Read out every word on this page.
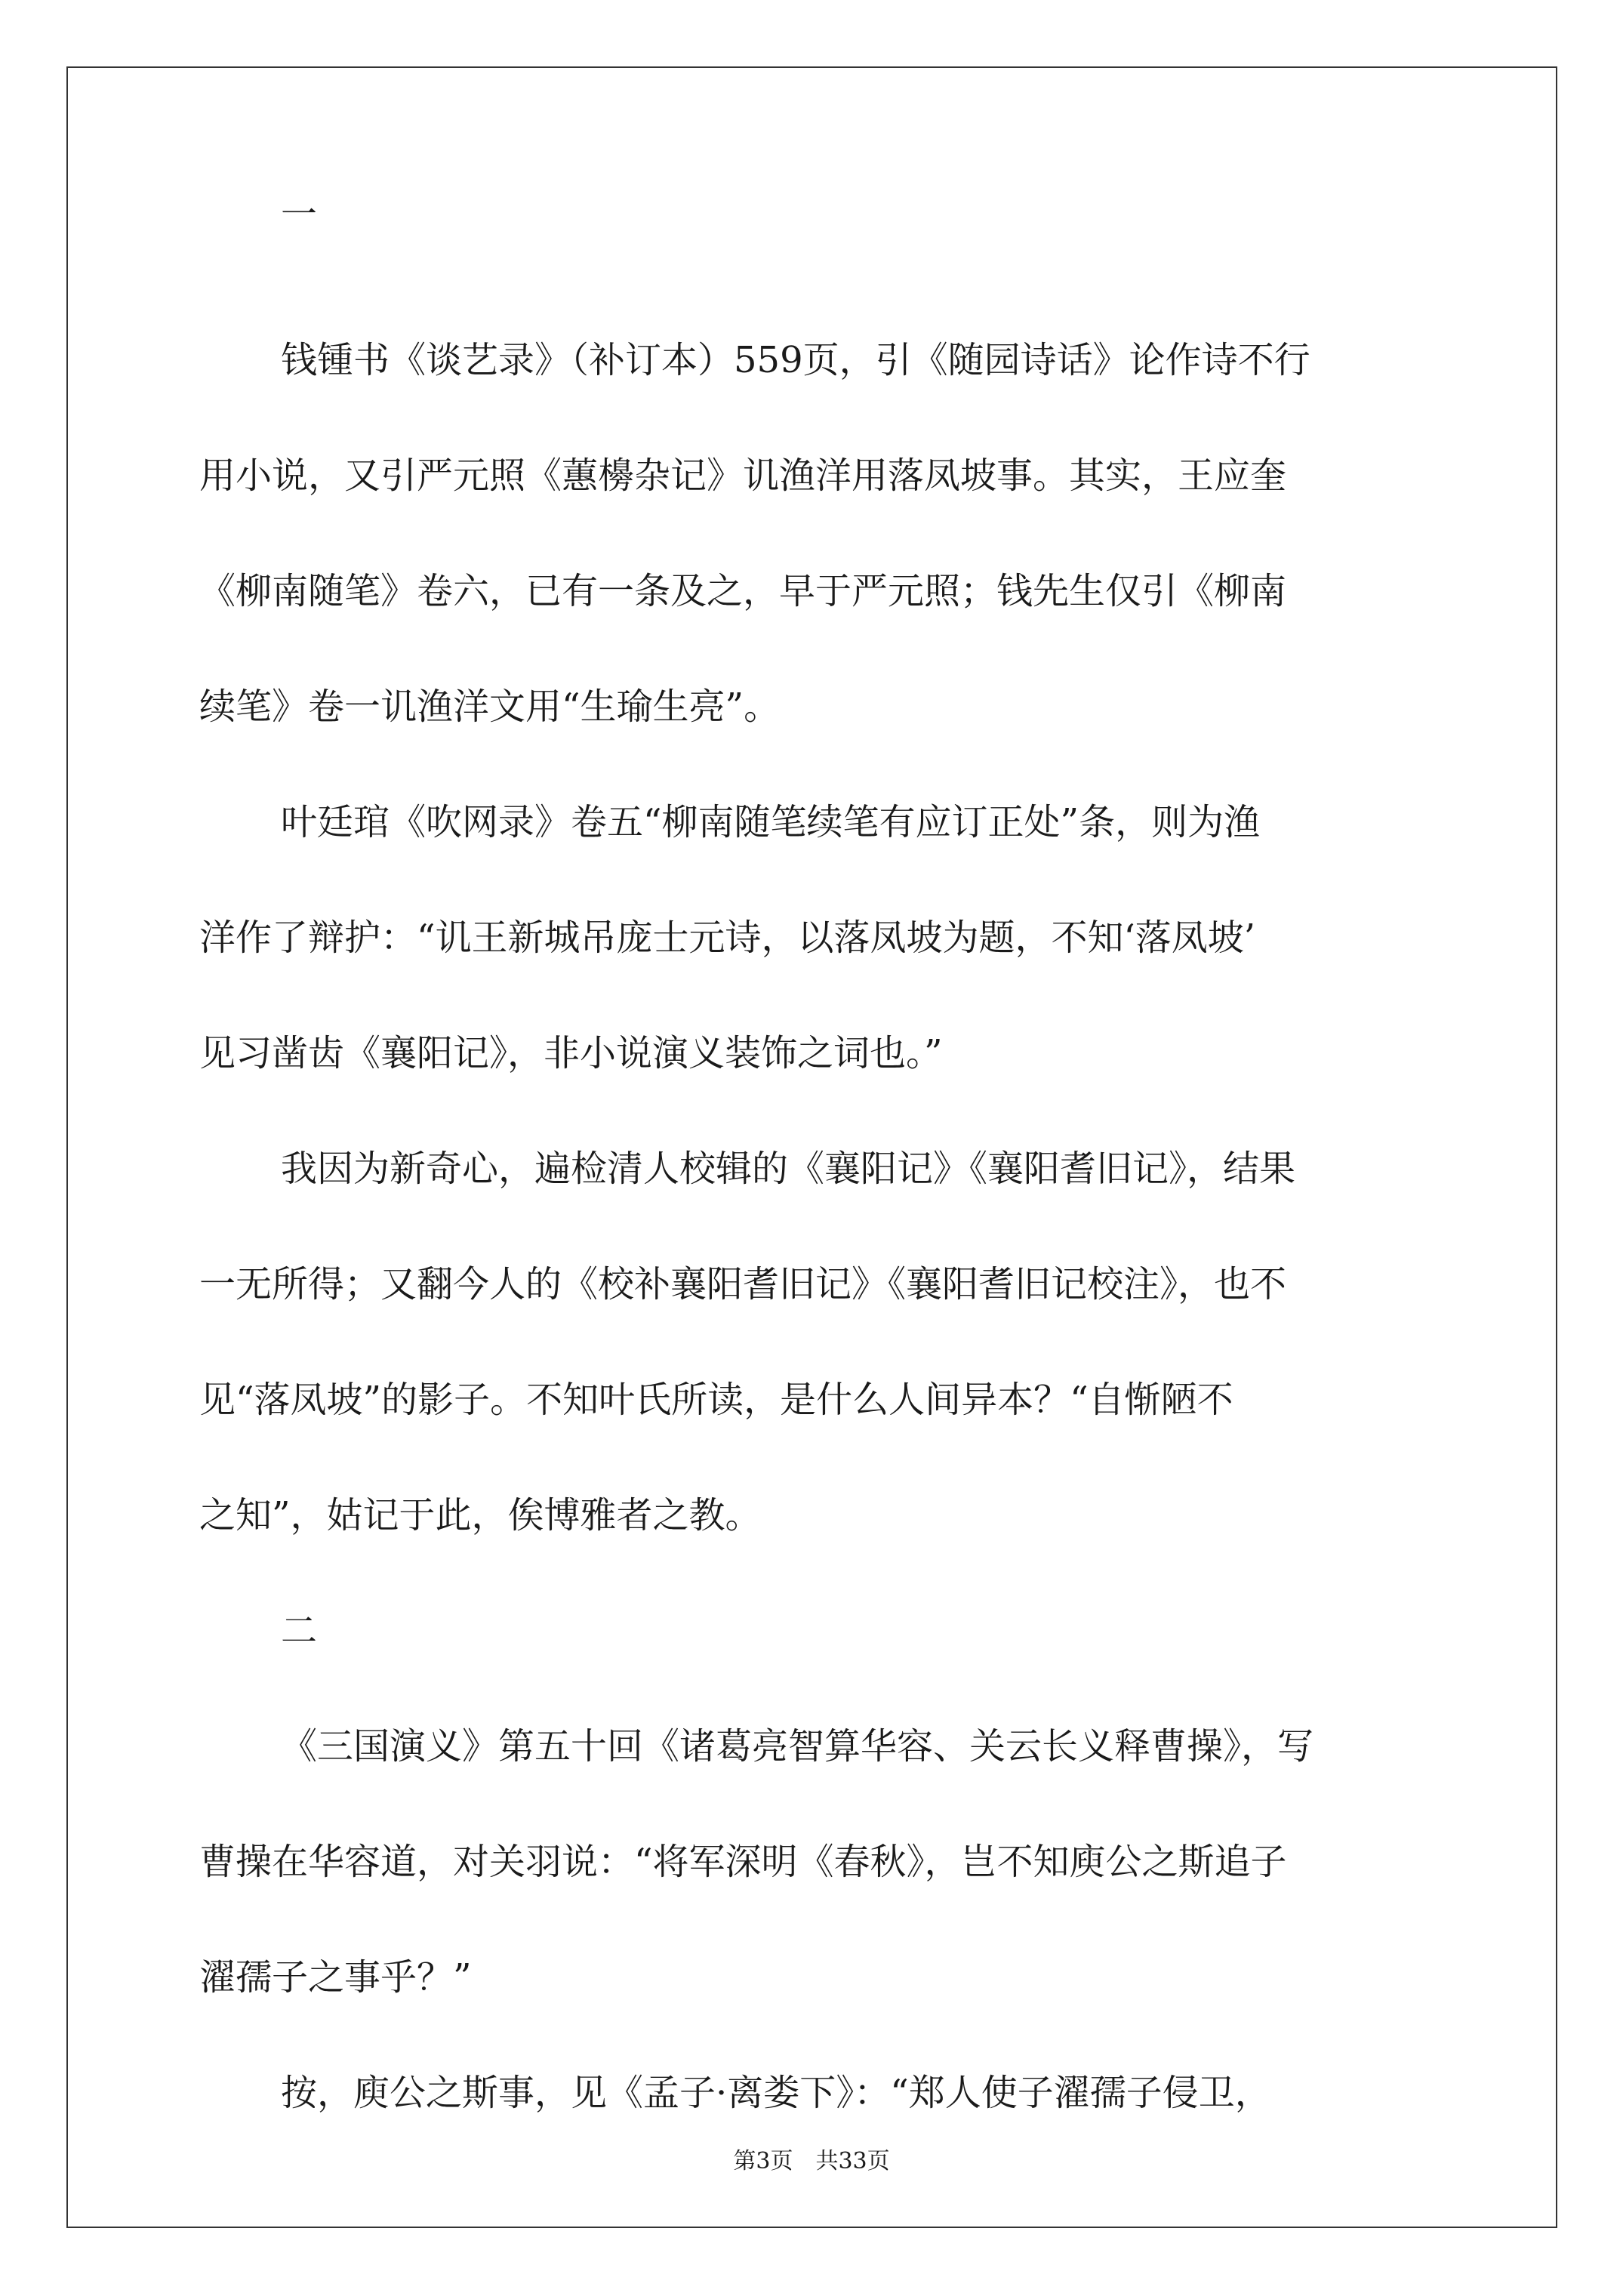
一

钱锺书《谈艺录》（补订本）559页，引《随园诗话》论作诗不行

用小说，又引严元照《蕙櫋杂记》讥渔洋用落凤坡事。其实，王应奎

《柳南随笔》卷六，已有一条及之，早于严元照；钱先生仅引《柳南

续笔》卷一讥渔洋文用“生瑜生亮”。

叶廷琯《吹网录》卷五“柳南随笔续笔有应订正处”条，则为渔

洋作了辩护：“讥王新城吊庞士元诗，以落凤坡为题，不知‘落凤坡’

见习凿齿《襄阳记》，非小说演义装饰之词也。”

我因为新奇心，遍检清人校辑的《襄阳记》《襄阳耆旧记》，结果

一无所得；又翻今人的《校补襄阳耆旧记》《襄阳耆旧记校注》，也不

见“落凤坡”的影子。不知叶氏所读，是什么人间异本？“自惭陋不

之知”，姑记于此，俟博雅者之教。

二

《三国演义》第五十回《诸葛亮智算华容、关云长义释曹操》，写

曹操在华容道，对关羽说：“将军深明《春秋》，岂不知庾公之斯追子

濯孺子之事乎？”

按，庾公之斯事，见《孟子·离娄下》：“郑人使子濯孺子侵卫，

第3页　共33页
